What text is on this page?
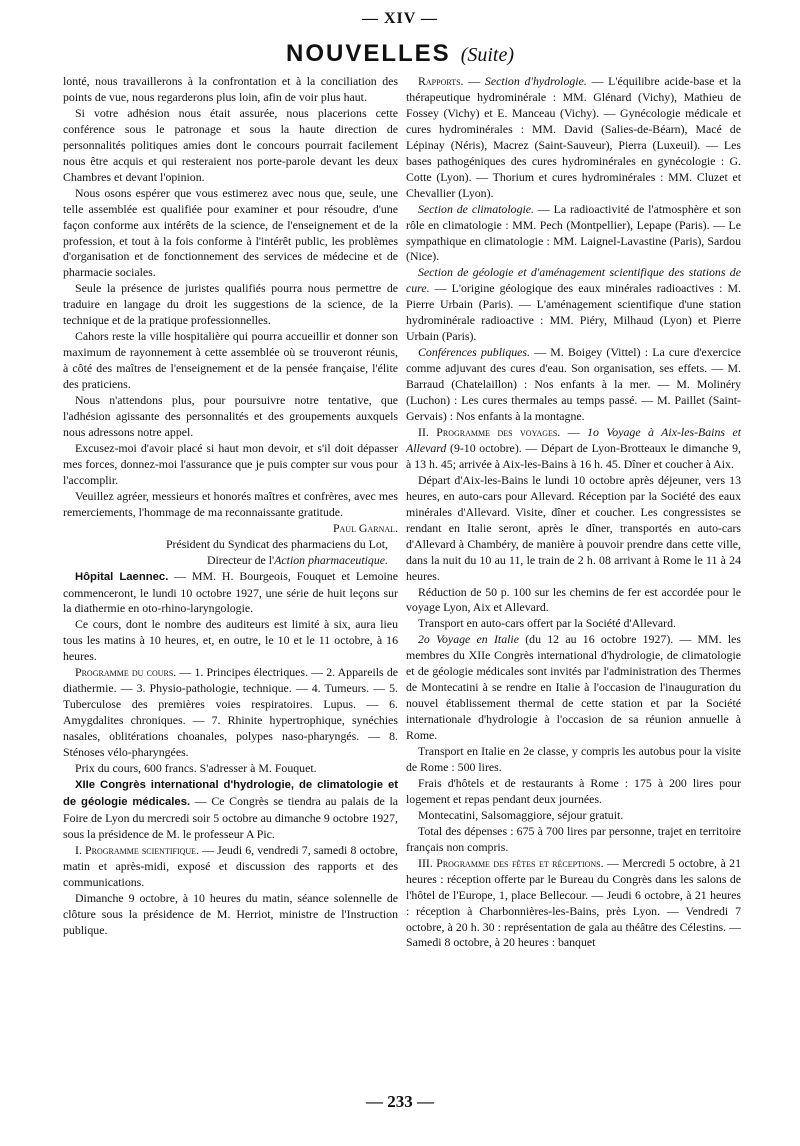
— XIV —
NOUVELLES (Suite)

lonté, nous travaillerons à la confrontation et à la conciliation des points de vue, nous regarderons plus loin, afin de voir plus haut.

Si votre adhésion nous était assurée, nous placerions cette conférence sous le patronage et sous la haute direction de personnalités politiques amies dont le concours pourrait facilement nous être acquis et qui resteraient nos porte-parole devant les deux Chambres et devant l'opinion.

Nous osons espérer que vous estimerez avec nous que, seule, une telle assemblée est qualifiée pour examiner et pour résoudre, d'une façon conforme aux intérêts de la science, de l'enseignement et de la profession, et tout à la fois conforme à l'intérêt public, les problèmes d'organisation et de fonctionnement des services de médecine et de pharmacie sociales.

Seule la présence de juristes qualifiés pourra nous permettre de traduire en langage du droit les suggestions de la science, de la technique et de la pratique professionnelles.

Cahors reste la ville hospitalière qui pourra accueillir et donner son maximum de rayonnement à cette assemblée où se trouveront réunis, à côté des maîtres de l'enseignement et de la pensée française, l'élite des praticiens.

Nous n'attendons plus, pour poursuivre notre tentative, que l'adhésion agissante des personnalités et des groupements auxquels nous adressons notre appel.

Excusez-moi d'avoir placé si haut mon devoir, et s'il doit dépasser mes forces, donnez-moi l'assurance que je puis compter sur vous pour l'accomplir.

Veuillez agréer, messieurs et honorés maîtres et confrères, avec mes remerciements, l'hommage de ma reconnaissante gratitude.

Paul Garnal.

Président du Syndicat des pharmaciens du Lot,

Directeur de l'Action pharmaceutique.

Hôpital Laennec. — MM. H. Bourgeois, Fouquet et Lemoine commenceront, le lundi 10 octobre 1927, une série de huit leçons sur la diathermie en oto-rhino-laryngologie.

Ce cours, dont le nombre des auditeurs est limité à six, aura lieu tous les matins à 10 heures, et, en outre, le 10 et le 11 octobre, à 16 heures.

Programme du cours. — 1. Principes électriques. — 2. Appareils de diathermie. — 3. Physio-pathologie, technique. — 4. Tumeurs. — 5. Tuberculose des premières voies respiratoires. Lupus. — 6. Amygdalites chroniques. — 7. Rhinite hypertrophique, synéchies nasales, oblitérations choanales, polypes naso-pharyngés. — 8. Sténoses vélo-pharyngées.

Prix du cours, 600 francs. S'adresser à M. Fouquet.

XIIe Congrès international d'hydrologie, de climatologie et de géologie médicales. — Ce Congrès se tiendra au palais de la Foire de Lyon du mercredi soir 5 octobre au dimanche 9 octobre 1927, sous la présidence de M. le professeur A Pic.

I. Programme scientifique. — Jeudi 6, vendredi 7, samedi 8 octobre, matin et après-midi, exposé et discussion des rapports et des communications.

Dimanche 9 octobre, à 10 heures du matin, séance solennelle de clôture sous la présidence de M. Herriot, ministre de l'Instruction publique.

Rapports. — Section d'hydrologie. — L'équilibre acide-base et la thérapeutique hydrominérale : MM. Glénard (Vichy), Mathieu de Fossey (Vichy) et E. Manceau (Vichy). — Gynécologie médicale et cures hydrominérales : MM. David (Salies-de-Béarn), Macé de Lépinay (Néris), Macrez (Saint-Sauveur), Pierra (Luxeuil). — Les bases pathogéniques des cures hydrominérales en gynécologie : G. Cotte (Lyon). — Thorium et cures hydrominérales : MM. Cluzet et Chevallier (Lyon).

Section de climatologie. — La radioactivité de l'atmosphère et son rôle en climatologie : MM. Pech (Montpellier), Lepape (Paris). — Le sympathique en climatologie : MM. Laignel-Lavastine (Paris), Sardou (Nice).

Section de géologie et d'aménagement scientifique des stations de cure. — L'origine géologique des eaux minérales radioactives : M. Pierre Urbain (Paris). — L'aménagement scientifique d'une station hydrominérale radioactive : MM. Piéry, Milhaud (Lyon) et Pierre Urbain (Paris).

Conférences publiques. — M. Boigey (Vittel) : La cure d'exercice comme adjuvant des cures d'eau. Son organisation, ses effets. — M. Barraud (Chatelaillon) : Nos enfants à la mer. — M. Molinéry (Luchon) : Les cures thermales au temps passé. — M. Paillet (Saint-Gervais) : Nos enfants à la montagne.

II. Programme des voyages. — 1o Voyage à Aix-les-Bains et Allevard (9-10 octobre). — Départ de Lyon-Brotteaux le dimanche 9, à 13 h. 45; arrivée à Aix-les-Bains à 16 h. 45. Dîner et coucher à Aix.

Départ d'Aix-les-Bains le lundi 10 octobre après déjeuner, vers 13 heures, en auto-cars pour Allevard. Réception par la Société des eaux minérales d'Allevard. Visite, dîner et coucher. Les congressistes se rendant en Italie seront, après le dîner, transportés en auto-cars d'Allevard à Chambéry, de manière à pouvoir prendre dans cette ville, dans la nuit du 10 au 11, le train de 2 h. 08 arrivant à Rome le 11 à 24 heures.

Réduction de 50 p. 100 sur les chemins de fer est accordée pour le voyage Lyon, Aix et Allevard.

Transport en auto-cars offert par la Société d'Allevard.

2o Voyage en Italie (du 12 au 16 octobre 1927). — MM. les membres du XIIe Congrès international d'hydrologie, de climatologie et de géologie médicales sont invités par l'administration des Thermes de Montecatini à se rendre en Italie à l'occasion de l'inauguration du nouvel établissement thermal de cette station et par la Société internationale d'hydrologie à l'occasion de sa réunion annuelle à Rome.

Transport en Italie en 2e classe, y compris les autobus pour la visite de Rome : 500 lires.

Frais d'hôtels et de restaurants à Rome : 175 à 200 lires pour logement et repas pendant deux journées.

Montecatini, Salsomaggiore, séjour gratuit.

Total des dépenses : 675 à 700 lires par personne, trajet en territoire français non compris.

III. Programme des fêtes et réceptions. — Mercredi 5 octobre, à 21 heures : réception offerte par le Bureau du Congrès dans les salons de l'hôtel de l'Europe, 1, place Bellecour. — Jeudi 6 octobre, à 21 heures : réception à Charbonnières-les-Bains, près Lyon. — Vendredi 7 octobre, à 20 h. 30 : représentation de gala au théâtre des Célestins. — Samedi 8 octobre, à 20 heures : banquet

— 233 —
